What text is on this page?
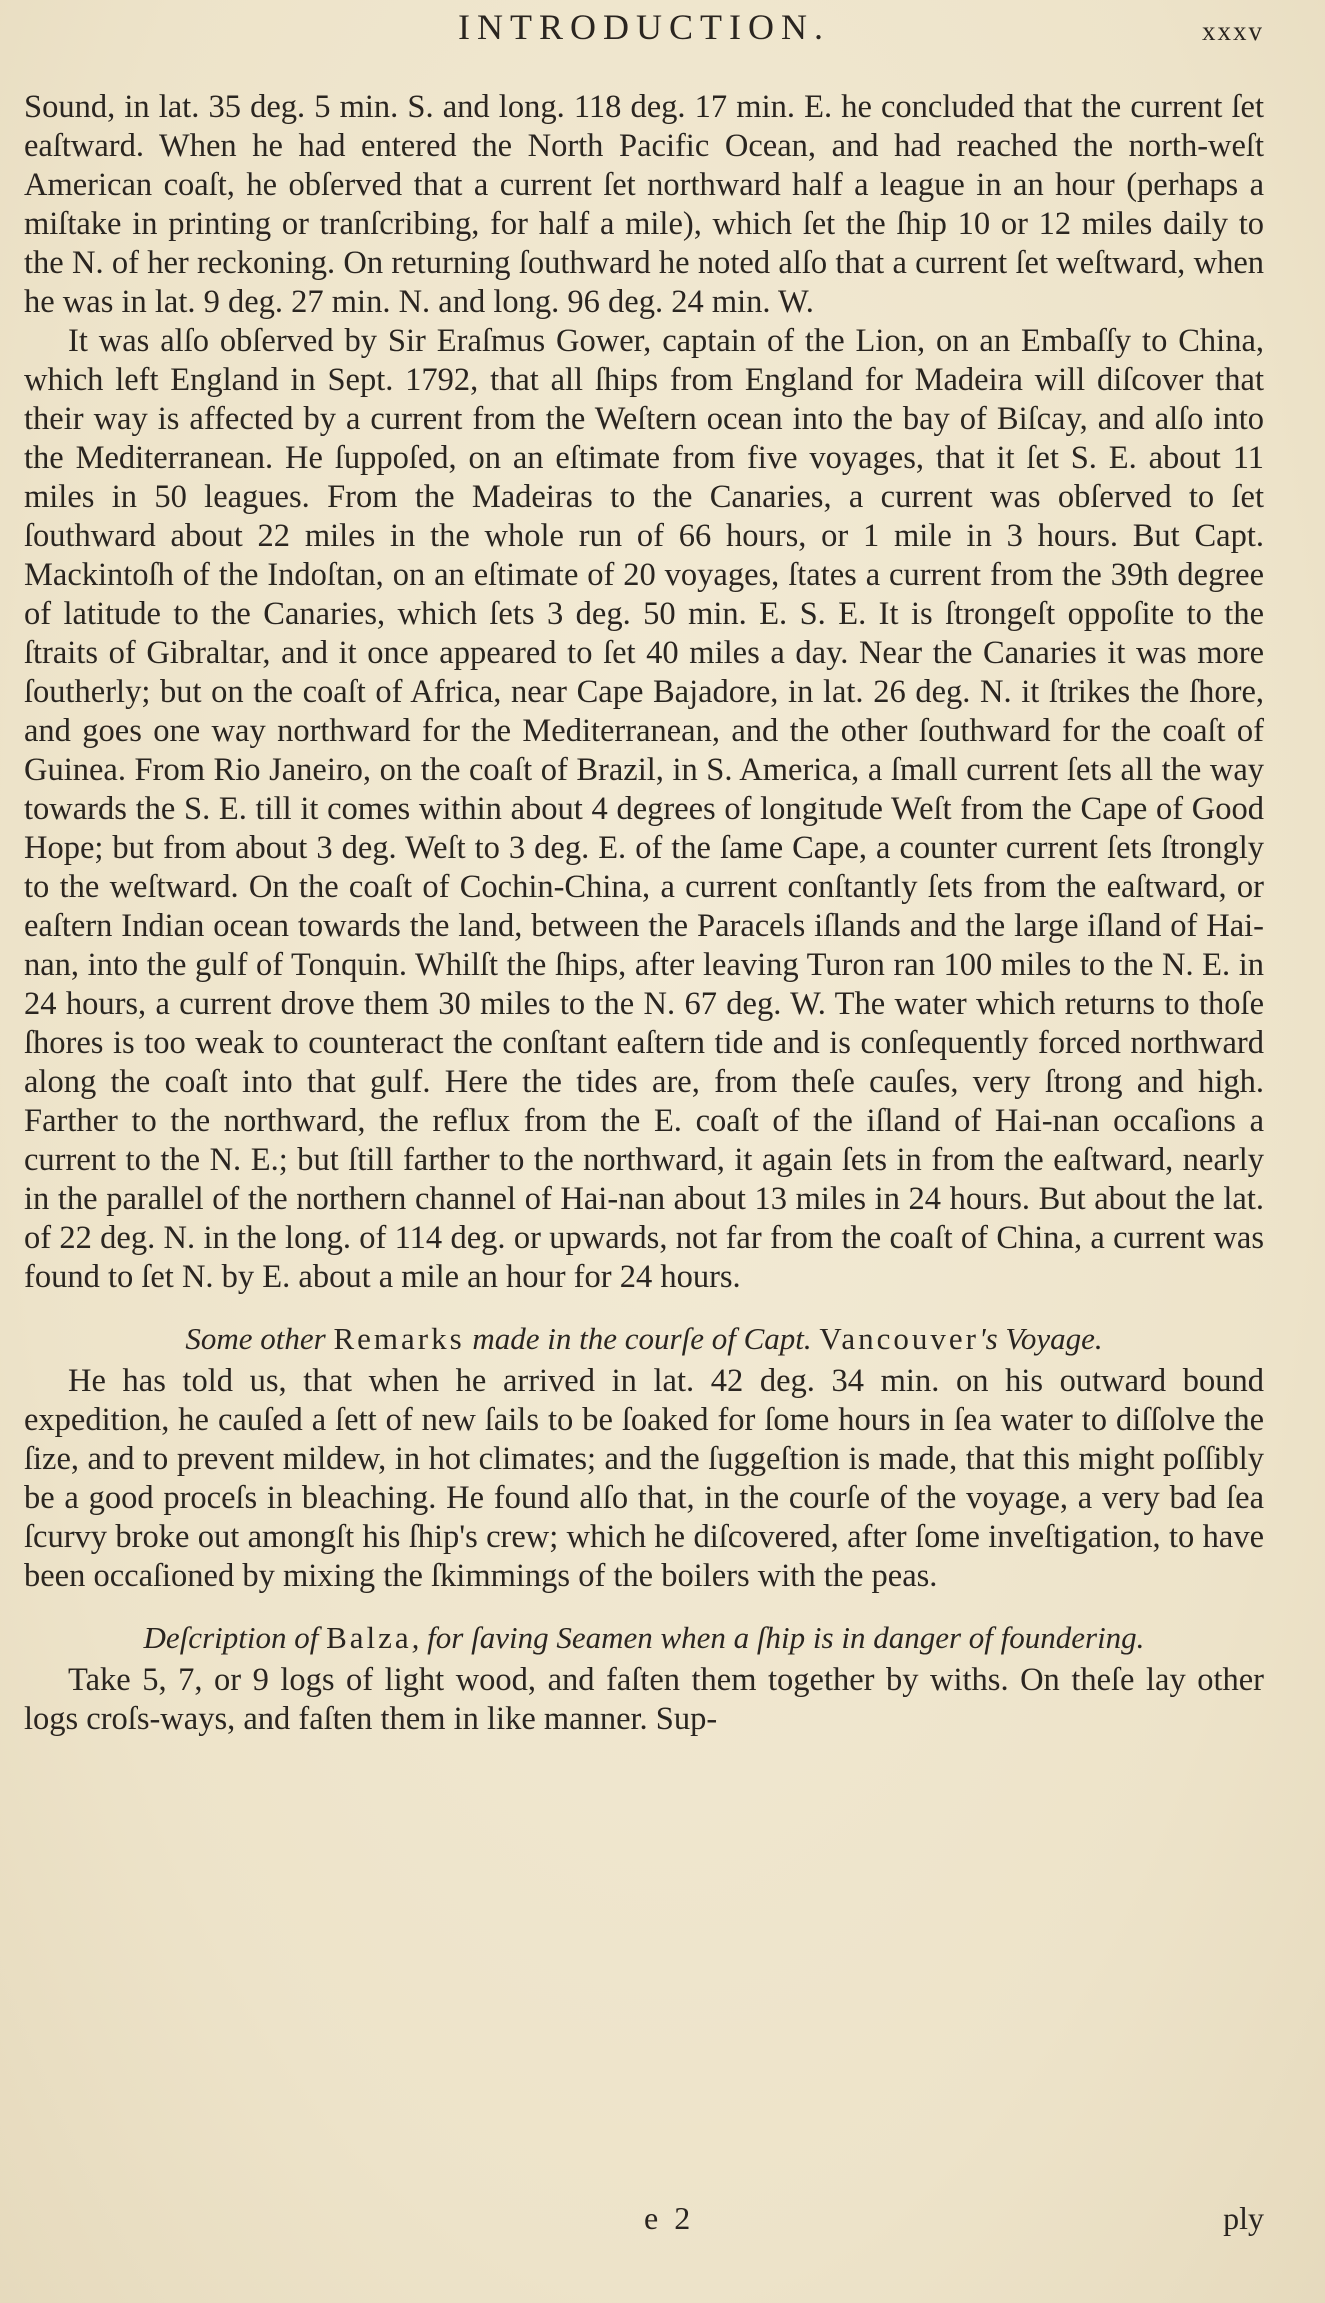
INTRODUCTION.	xxxv

Sound, in lat. 35 deg. 5 min. S. and long. 118 deg. 17 min. E. he concluded that the current ſet eaſtward. When he had entered the North Pacific Ocean, and had reached the north-weſt American coaſt, he obſerved that a current ſet northward half a league in an hour (perhaps a miſtake in printing or tranſcribing, for half a mile), which ſet the ſhip 10 or 12 miles daily to the N. of her reckoning. On returning ſouthward he noted alſo that a current ſet weſtward, when he was in lat. 9 deg. 27 min. N. and long. 96 deg. 24 min. W.

It was alſo obſerved by Sir Eraſmus Gower, captain of the Lion, on an Embaſſy to China, which left England in Sept. 1792, that all ſhips from England for Madeira will diſcover that their way is affected by a current from the Weſtern ocean into the bay of Biſcay, and alſo into the Mediterranean. He ſuppoſed, on an eſtimate from five voyages, that it ſet S. E. about 11 miles in 50 leagues. From the Madeiras to the Canaries, a current was obſerved to ſet ſouthward about 22 miles in the whole run of 66 hours, or 1 mile in 3 hours. But Capt. Mackintoſh of the Indoſtan, on an eſtimate of 20 voyages, ſtates a current from the 39th degree of latitude to the Canaries, which ſets 3 deg. 50 min. E. S. E. It is ſtrongeſt oppoſite to the ſtraits of Gibraltar, and it once appeared to ſet 40 miles a day. Near the Canaries it was more ſoutherly; but on the coaſt of Africa, near Cape Bajadore, in lat. 26 deg. N. it ſtrikes the ſhore, and goes one way northward for the Mediterranean, and the other ſouthward for the coaſt of Guinea. From Rio Janeiro, on the coaſt of Brazil, in S. America, a ſmall current ſets all the way towards the S. E. till it comes within about 4 degrees of longitude Weſt from the Cape of Good Hope; but from about 3 deg. Weſt to 3 deg. E. of the ſame Cape, a counter current ſets ſtrongly to the weſtward. On the coaſt of Cochin-China, a current conſtantly ſets from the eaſtward, or eaſtern Indian ocean towards the land, between the Paracels iſlands and the large iſland of Hai-nan, into the gulf of Tonquin. Whilſt the ſhips, after leaving Turon ran 100 miles to the N. E. in 24 hours, a current drove them 30 miles to the N. 67 deg. W. The water which returns to thoſe ſhores is too weak to counteract the conſtant eaſtern tide and is conſequently forced northward along the coaſt into that gulf. Here the tides are, from theſe cauſes, very ſtrong and high. Farther to the northward, the reflux from the E. coaſt of the iſland of Hai-nan occaſions a current to the N. E.; but ſtill farther to the northward, it again ſets in from the eaſtward, nearly in the parallel of the northern channel of Hai-nan about 13 miles in 24 hours. But about the lat. of 22 deg. N. in the long. of 114 deg. or upwards, not far from the coaſt of China, a current was found to ſet N. by E. about a mile an hour for 24 hours.

Some other Remarks made in the courſe of Capt. Vancouver's Voyage.

He has told us, that when he arrived in lat. 42 deg. 34 min. on his outward bound expedition, he cauſed a ſett of new ſails to be ſoaked for ſome hours in ſea water to diſſolve the ſize, and to prevent mildew, in hot climates; and the ſuggeſtion is made, that this might poſſibly be a good proceſs in bleaching. He found alſo that, in the courſe of the voyage, a very bad ſea ſcurvy broke out amongſt his ſhip's crew; which he diſcovered, after ſome inveſtigation, to have been occaſioned by mixing the ſkimmings of the boilers with the peas.

Deſcription of Balza, for ſaving Seamen when a ſhip is in danger of foundering.

Take 5, 7, or 9 logs of light wood, and faſten them together by withs. On theſe lay other logs croſs-ways, and faſten them in like manner. Sup-

e 2	ply
